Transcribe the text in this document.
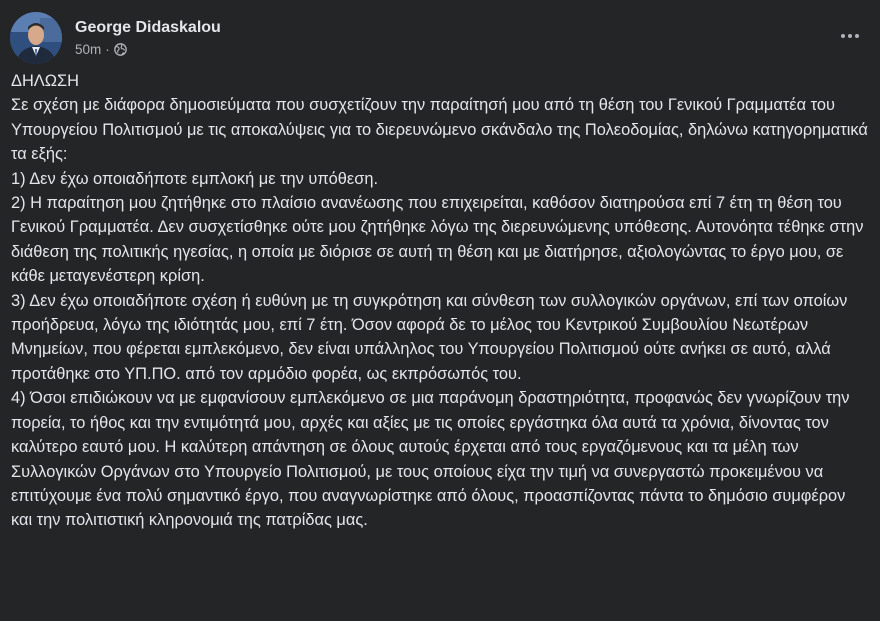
George Didaskalou
50m ·

ΔΗΛΩΣΗ

Σε σχέση με διάφορα δημοσιεύματα που συσχετίζουν την παραίτησή μου από τη θέση του Γενικού Γραμματέα του Υπουργείου Πολιτισμού με τις αποκαλύψεις για το διερευνώμενο σκάνδαλο της Πολεοδομίας, δηλώνω κατηγορηματικά τα εξής:

1) Δεν έχω οποιαδήποτε εμπλοκή με την υπόθεση.

2) Η παραίτηση μου ζητήθηκε στο πλαίσιο ανανέωσης που επιχειρείται, καθόσον διατηρούσα επί 7 έτη τη θέση του Γενικού Γραμματέα. Δεν συσχετίσθηκε ούτε μου ζητήθηκε λόγω της διερευνώμενης υπόθεσης. Αυτονόητα τέθηκε στην διάθεση της πολιτικής ηγεσίας, η οποία με διόρισε σε αυτή τη θέση και με διατήρησε, αξιολογώντας το έργο μου, σε κάθε μεταγενέστερη κρίση.

3) Δεν έχω οποιαδήποτε σχέση ή ευθύνη με τη συγκρότηση και σύνθεση των συλλογικών οργάνων, επί των οποίων προήδρευα, λόγω της ιδιότητάς μου, επί 7 έτη. Όσον αφορά δε το μέλος του Κεντρικού Συμβουλίου Νεωτέρων Μνημείων, που φέρεται εμπλεκόμενο, δεν είναι υπάλληλος του Υπουργείου Πολιτισμού ούτε ανήκει σε αυτό, αλλά προτάθηκε στο ΥΠ.ΠΟ. από τον αρμόδιο φορέα, ως εκπρόσωπός του.

4) Όσοι επιδιώκουν να με εμφανίσουν εμπλεκόμενο σε μια παράνομη δραστηριότητα, προφανώς δεν γνωρίζουν την πορεία, το ήθος και την εντιμότητά μου, αρχές και αξίες με τις οποίες εργάστηκα όλα αυτά τα χρόνια, δίνοντας τον καλύτερο εαυτό μου. Η καλύτερη απάντηση σε όλους αυτούς έρχεται από τους εργαζόμενους και τα μέλη των Συλλογικών Οργάνων στο Υπουργείο Πολιτισμού, με τους οποίους είχα την τιμή να συνεργαστώ προκειμένου να επιτύχουμε ένα πολύ σημαντικό έργο, που αναγνωρίστηκε από όλους, προασπίζοντας πάντα το δημόσιο συμφέρον και την πολιτιστική κληρονομιά της πατρίδας μας.
